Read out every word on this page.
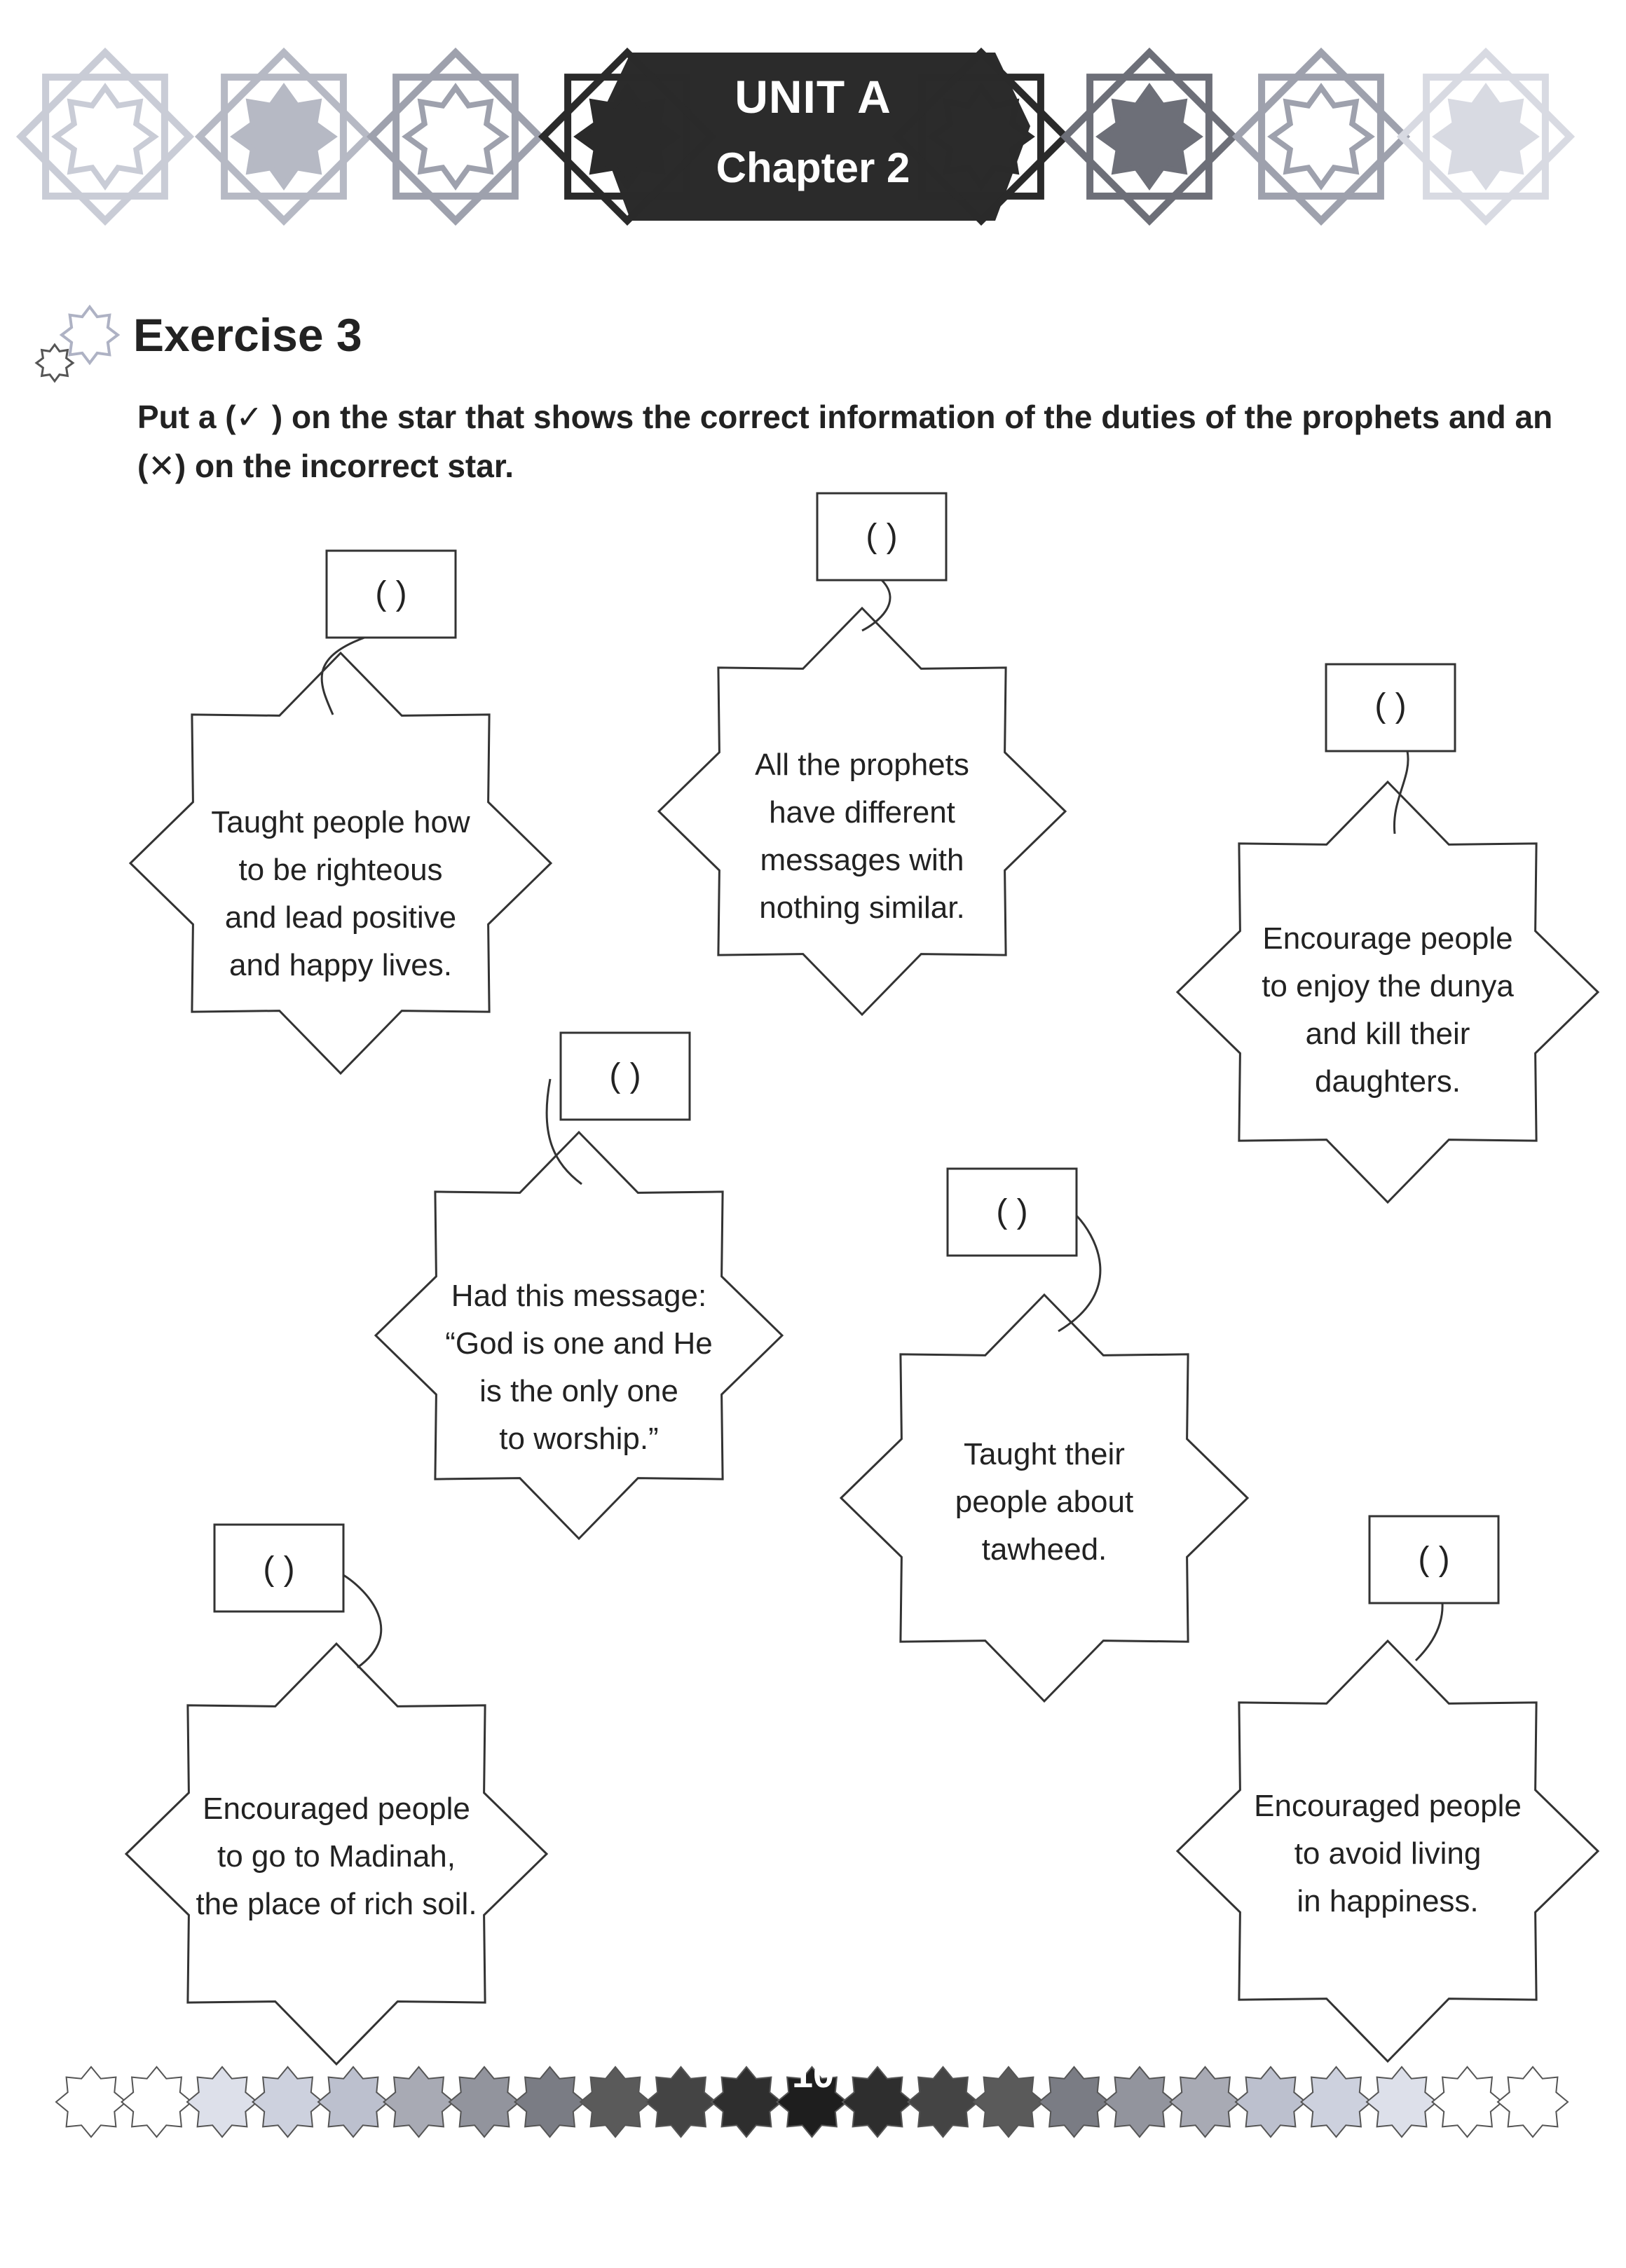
UNIT A
Chapter 2
Exercise 3
Put a (✓ ) on the star that shows the correct information of the duties of the prophets and an (✕) on the incorrect star.
( )
( )
( )
( )
( )
( )	( )
Taught people how
to be righteous
and lead positive
and happy lives.
All the prophets
have different
messages with
nothing similar.
Encourage people
to enjoy the dunya
and kill their
daughters.
Had this message:
“God is one and He
is the only one
to worship.”	Taught their
people about
tawheed.
Encouraged people
to go to Madinah,
the place of rich soil.
Encouraged people
to avoid living
in happiness.
10
